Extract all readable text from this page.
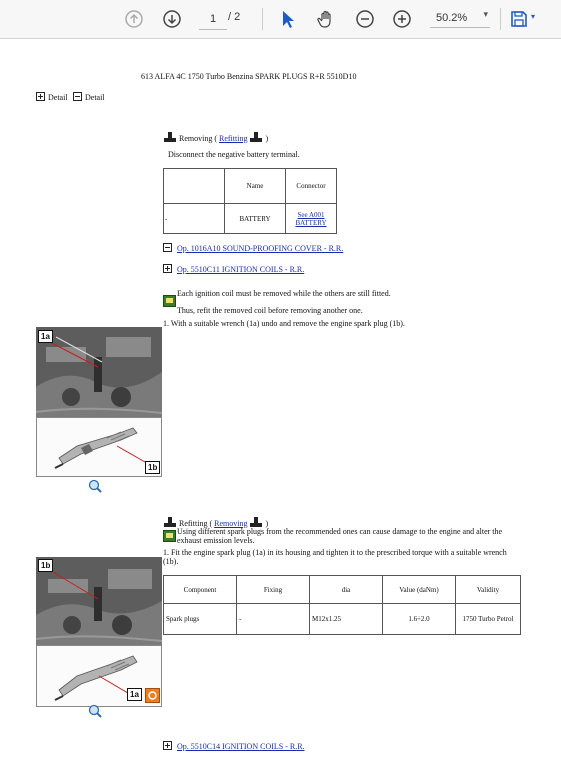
1
/ 2	50.2% ▾	▾
613 ALFA 4C 1750 Turbo Benzina SPARK PLUGS R+R 5510D10
Detail	Detail
Removing ( Refitting )
Disconnect the negative battery terminal.
	Name	Connector
-	BATTERY	See A001
BATTERY
Op. 1016A10 SOUND-PROOFING COVER - R.R.
Op. 5510C11 IGNITION COILS - R.R.
Each ignition coil must be removed while the others are still fitted.
Thus, refit the removed coil before removing another one.
1. With a suitable wrench (1a) undo and remove the engine spark plug (1b).
1a
1b
Refitting ( Removing )
Using different spark plugs from the recommended ones can cause damage to the engine and alter the
exhaust emission levels.
1. Fit the engine spark plug (1a) in its housing and tighten it to the prescribed torque with a suitable wrench
(1b).
Component	Fixing	dia	Value (daNm)	Validity
Spark plugs	-	M12x1.25	1.6÷2.0	1750 Turbo Petrol
1b
1a
Op. 5510C14 IGNITION COILS - R.R.
